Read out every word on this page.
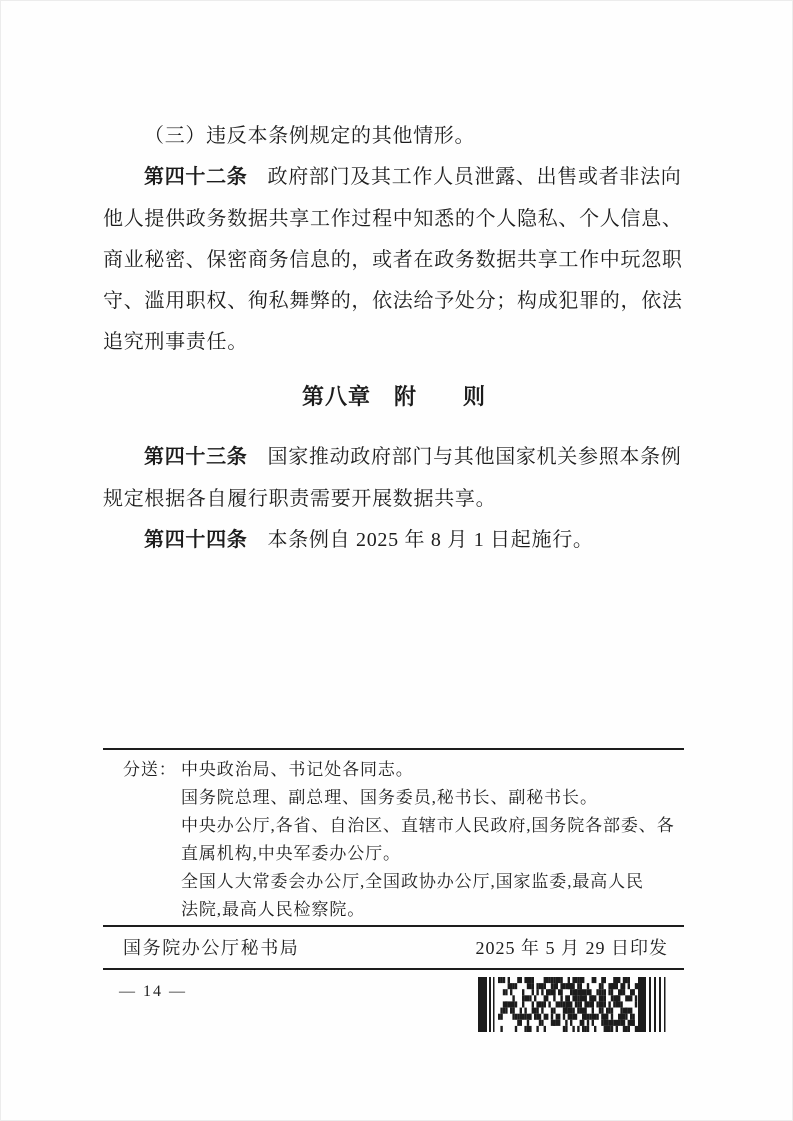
（三）违反本条例规定的其他情形。
第四十二条 政府部门及其工作人员泄露、出售或者非法向
他人提供政务数据共享工作过程中知悉的个人隐私、个人信息、
商业秘密、保密商务信息的，或者在政务数据共享工作中玩忽职
守、滥用职权、徇私舞弊的，依法给予处分；构成犯罪的，依法
追究刑事责任。
第八章　附　　则
第四十三条 国家推动政府部门与其他国家机关参照本条例
规定根据各自履行职责需要开展数据共享。
第四十四条 本条例自 2025 年 8 月 1 日起施行。
分送： 中央政治局、书记处各同志。
国务院总理、副总理、国务委员,秘书长、副秘书长。
中央办公厅,各省、自治区、直辖市人民政府,国务院各部委、各
直属机构,中央军委办公厅。
全国人大常委会办公厅,全国政协办公厅,国家监委,最高人民
法院,最高人民检察院。
国务院办公厅秘书局	2025 年 5 月 29 日印发
— 14 —
